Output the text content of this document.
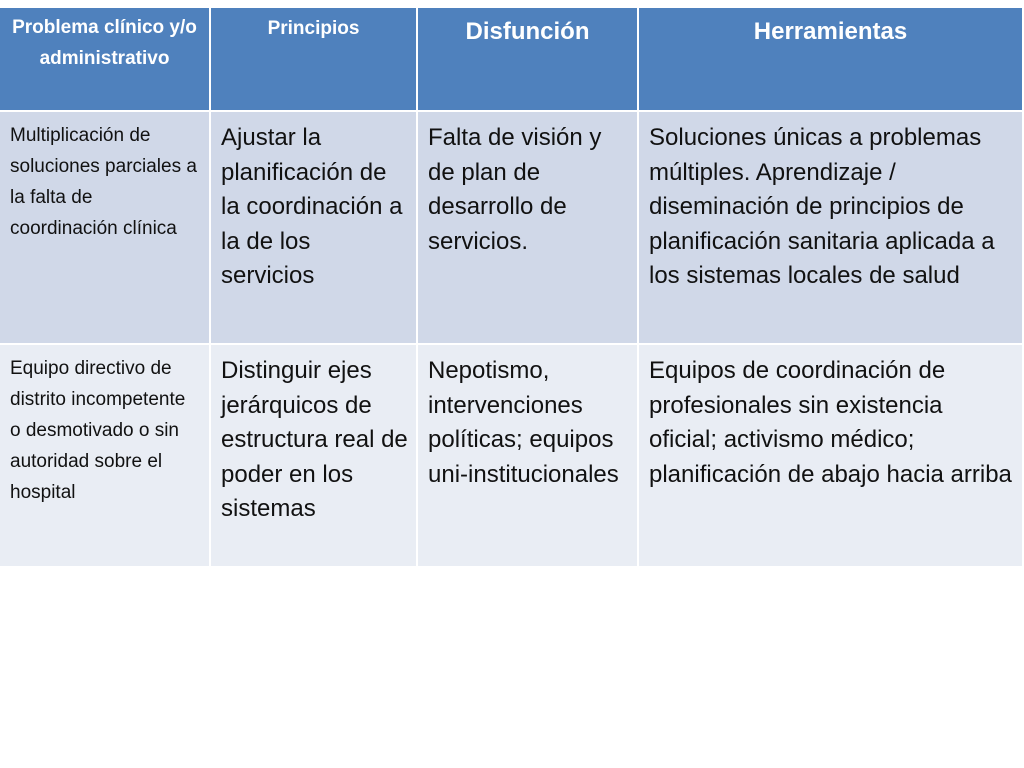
Problema clínico y/o administrativo	Principios	Disfunción	Herramientas
Multiplicación de soluciones parciales a la falta de coordinación clínica	Ajustar la planificación de la coordinación a la de los servicios	Falta de visión y de plan de desarrollo de servicios.	Soluciones únicas a problemas múltiples. Aprendizaje / diseminación de principios de planificación sanitaria aplicada a los sistemas locales de salud
Equipo directivo de distrito incompetente o desmotivado o sin autoridad sobre el hospital	Distinguir ejes jerárquicos de estructura real de poder en los sistemas	Nepotismo, intervenciones políticas; equipos uni-institucionales	Equipos de coordinación de profesionales sin existencia oficial; activismo médico; planificación de abajo hacia arriba
